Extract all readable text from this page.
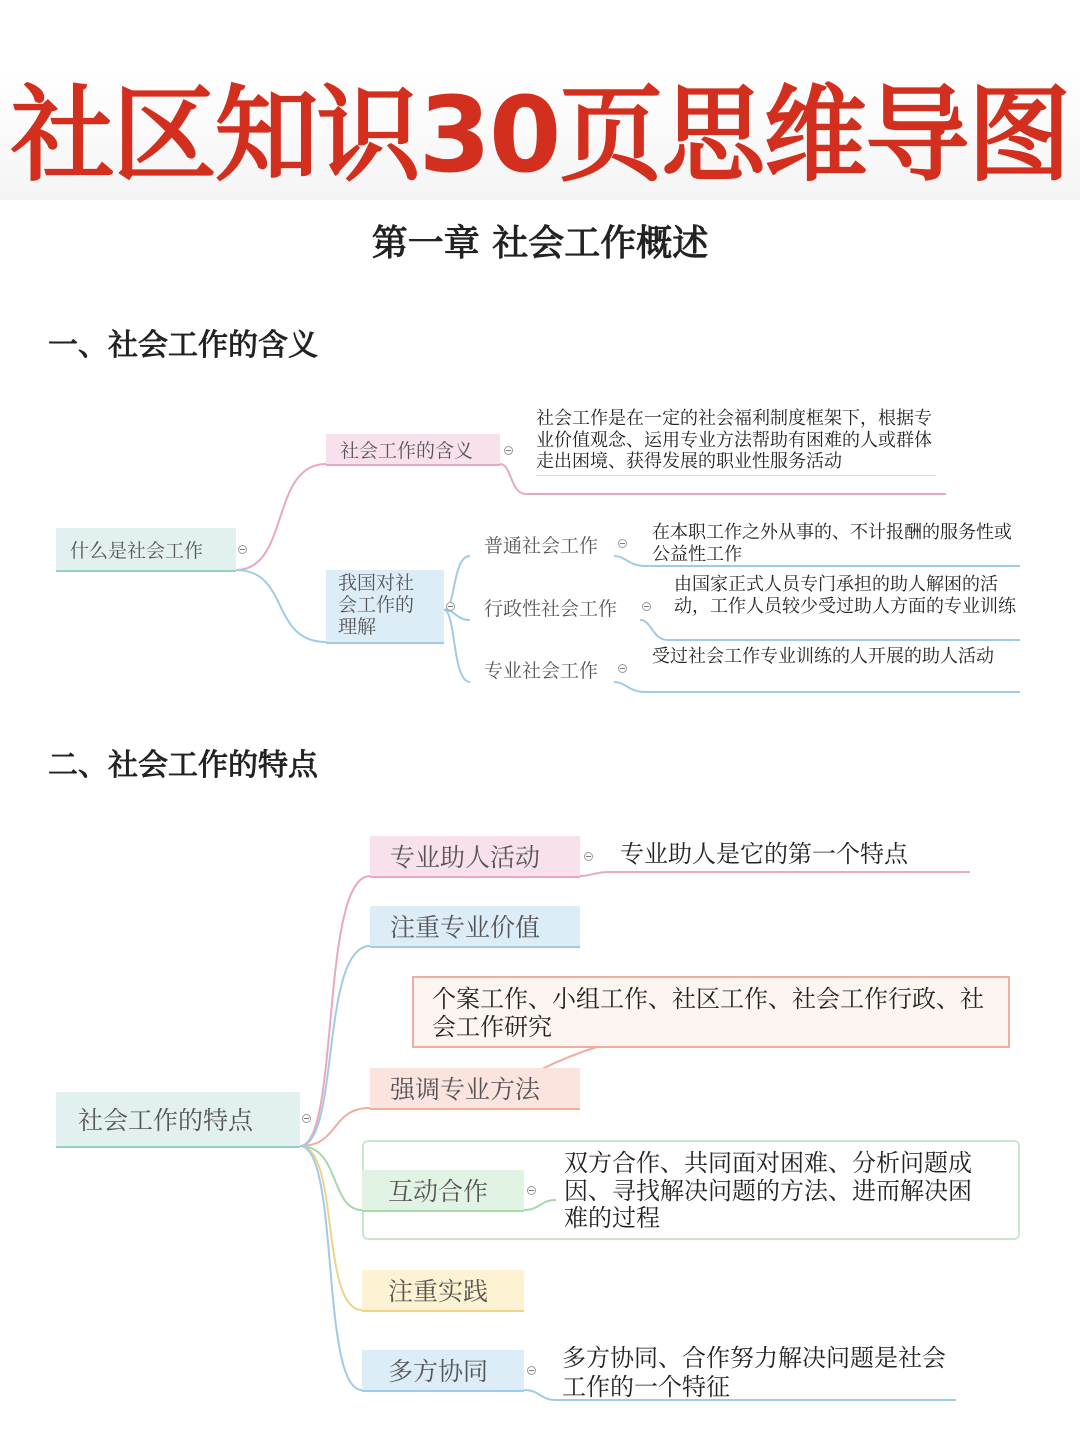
社区知识30页思维导图
第一章 社会工作概述
一、社会工作的含义
什么是社会工作
社会工作的含义
社会工作是在一定的社会福利制度框架下，根据专业价值观念、运用专业方法帮助有困难的人或群体走出困境、获得发展的职业性服务活动
我国对社会工作的理解
普通社会工作
在本职工作之外从事的、不计报酬的服务性或公益性工作
行政性社会工作
由国家正式人员专门承担的助人解困的活动，工作人员较少受过助人方面的专业训练
专业社会工作
受过社会工作专业训练的人开展的助人活动
二、社会工作的特点
社会工作的特点
专业助人活动	专业助人是它的第一个特点
注重专业价值
个案工作、小组工作、社区工作、社会工作行政、社会工作研究
强调专业方法
双方合作、共同面对困难、分析问题成因、寻找解决问题的方法、进而解决困难的过程
互动合作
注重实践
多方协同	多方协同、合作努力解决问题是社会工作的一个特征
